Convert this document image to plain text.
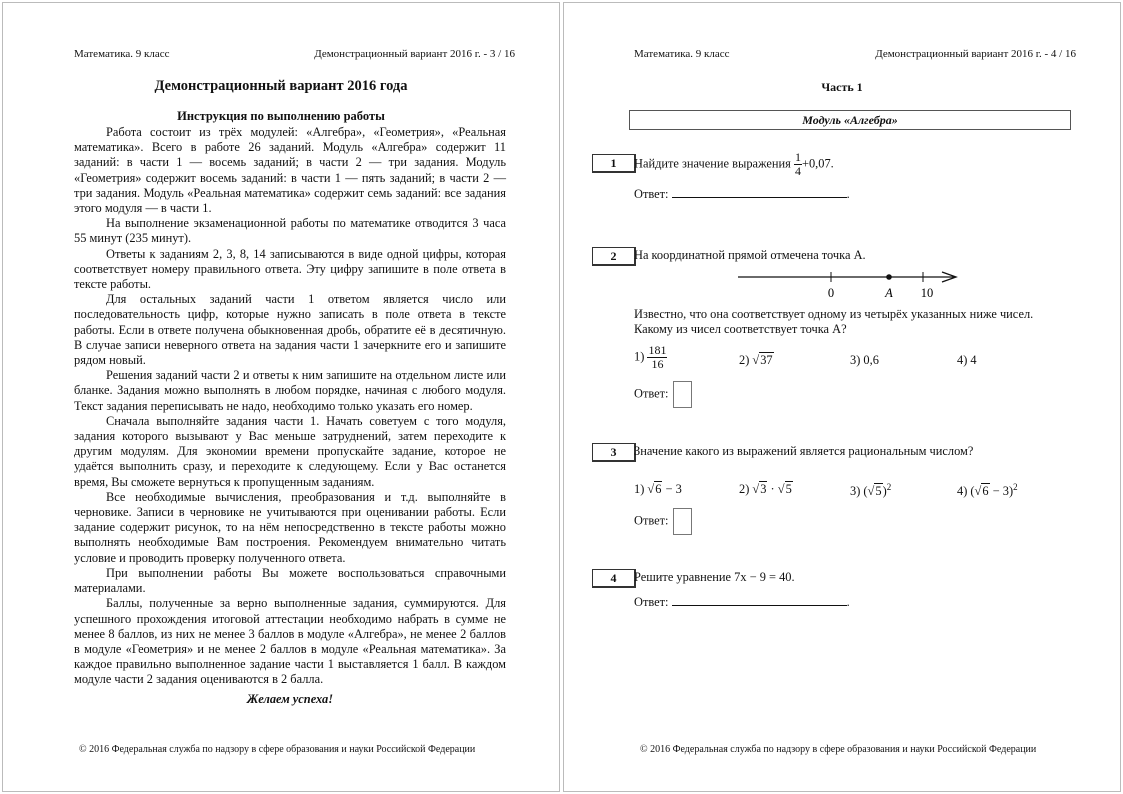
Математика. 9 класс	Демонстрационный вариант 2016 г. - 3 / 16
Демонстрационный вариант 2016 года
Инструкция по выполнению работы

Работа состоит из трёх модулей: «Алгебра», «Геометрия», «Реальная математика». Всего в работе 26 заданий. Модуль «Алгебра» содержит 11 заданий: в части 1 — восемь заданий; в части 2 — три задания. Модуль «Геометрия» содержит восемь заданий: в части 1 — пять заданий; в части 2 — три задания. Модуль «Реальная математика» содержит семь заданий: все задания этого модуля — в части 1.

На выполнение экзаменационной работы по математике отводится 3 часа 55 минут (235 минут).

Ответы к заданиям 2, 3, 8, 14 записываются в виде одной цифры, которая соответствует номеру правильного ответа. Эту цифру запишите в поле ответа в тексте работы.

Для остальных заданий части 1 ответом является число или последовательность цифр, которые нужно записать в поле ответа в тексте работы. Если в ответе получена обыкновенная дробь, обратите её в десятичную. В случае записи неверного ответа на задания части 1 зачеркните его и запишите рядом новый.

Решения заданий части 2 и ответы к ним запишите на отдельном листе или бланке. Задания можно выполнять в любом порядке, начиная с любого модуля. Текст задания переписывать не надо, необходимо только указать его номер.

Сначала выполняйте задания части 1. Начать советуем с того модуля, задания которого вызывают у Вас меньше затруднений, затем переходите к другим модулям. Для экономии времени пропускайте задание, которое не удаётся выполнить сразу, и переходите к следующему. Если у Вас останется время, Вы сможете вернуться к пропущенным заданиям.

Все необходимые вычисления, преобразования и т.д. выполняйте в черновике. Записи в черновике не учитываются при оценивании работы. Если задание содержит рисунок, то на нём непосредственно в тексте работы можно выполнять необходимые Вам построения. Рекомендуем внимательно читать условие и проводить проверку полученного ответа.

При выполнении работы Вы можете воспользоваться справочными материалами.

Баллы, полученные за верно выполненные задания, суммируются. Для успешного прохождения итоговой аттестации необходимо набрать в сумме не менее 8 баллов, из них не менее 3 баллов в модуле «Алгебра», не менее 2 баллов в модуле «Геометрия» и не менее 2 баллов в модуле «Реальная математика». За каждое правильно выполненное задание части 1 выставляется 1 балл. В каждом модуле части 2 задания оцениваются в 2 балла.

Желаем успеха!
© 2016 Федеральная служба по надзору в сфере образования и науки Российской Федерации
Математика. 9 класс	Демонстрационный вариант 2016 г. - 4 / 16
Часть 1
Модуль «Алгебра»
1	Найдите значение выражения $\frac{1}{4} +0,07$.
Ответ:	.
2	На координатной прямой отмечена точка A.
0	A 10
Известно, что она соответствует одному из четырёх указанных ниже чисел.
Какому из чисел соответствует точка A?
$1) \frac{181}{16}$	2) √37	3) 0,6	4) 4
Ответ:
3	Значение какого из выражений является рациональным числом?
1) √6 − 3	2) √3 · √5	3) $(√5)^2$	4) $(√6 - 3)^2$
Ответ:
4	Решите уравнение 7x − 9 = 40.
Ответ:	.
© 2016 Федеральная служба по надзору в сфере образования и науки Российской Федерации
